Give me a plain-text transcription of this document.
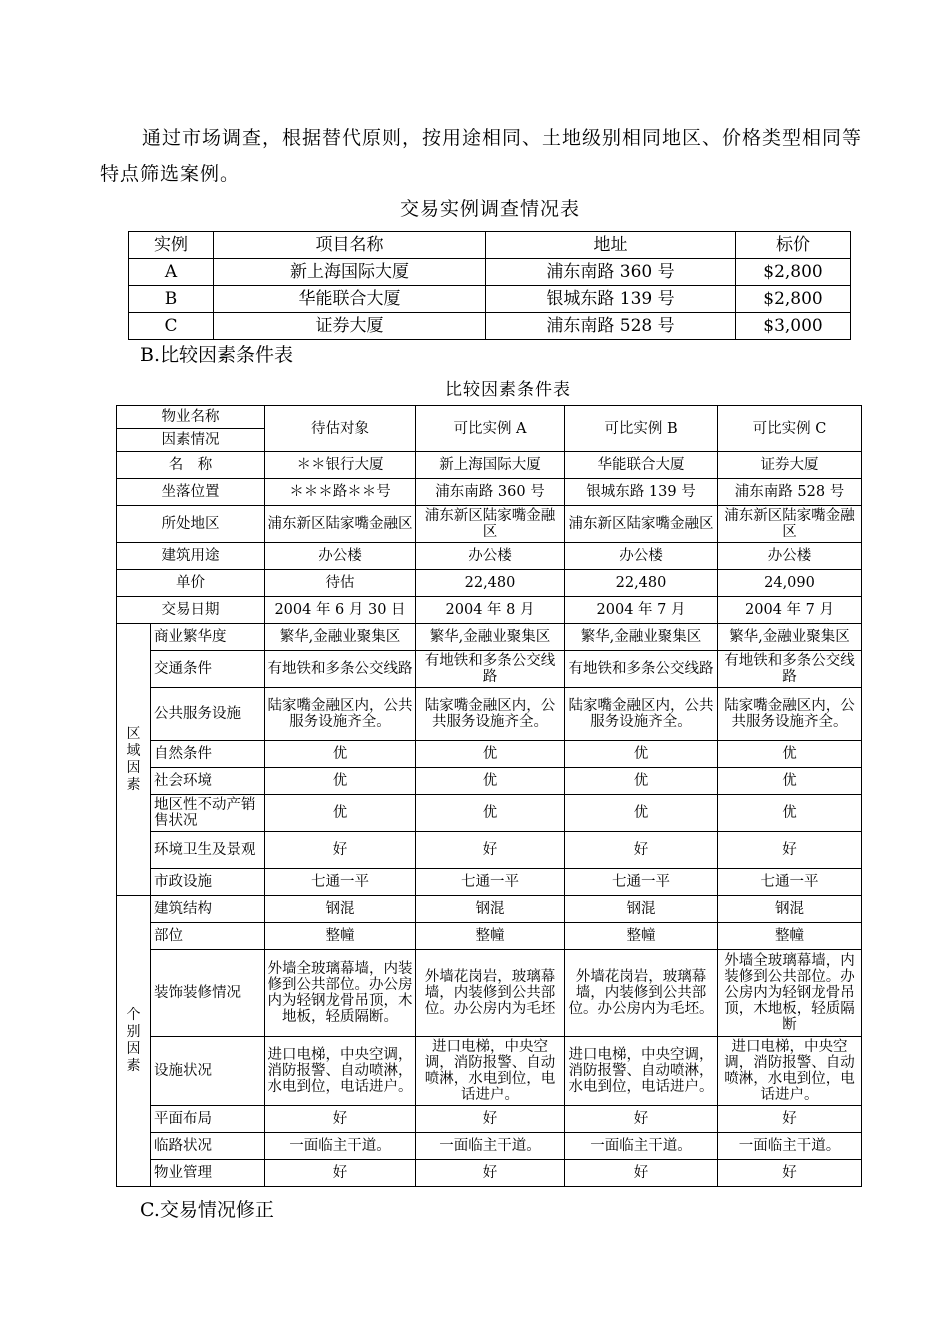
通过市场调查，根据替代原则，按用途相同、土地级别相同地区、价格类型相同等特点筛选案例。

交易实例调查情况表
实例	项目名称	地址	标价
A	新上海国际大厦	浦东南路 360 号	$2,800
B	华能联合大厦	银城东路 139 号	$2,800
C	证券大厦	浦东南路 528 号	$3,000
B.比较因素条件表
比较因素条件表
物业名称		待估对象	可比实例 A	可比实例 B	可比实例 C
因素情况					
名　称		＊＊银行大厦	新上海国际大厦	华能联合大厦	证券大厦
坐落位置		＊＊＊路＊＊号	浦东南路 360 号	银城东路 139 号	浦东南路 528 号
所处地区		浦东新区陆家嘴金融区	浦东新区陆家嘴金融区	浦东新区陆家嘴金融区	浦东新区陆家嘴金融区
建筑用途		办公楼	办公楼	办公楼	办公楼
单价		待估	22,480	22,480	24,090
交易日期		2004 年 6 月 30 日	2004 年 8 月	2004 年 7 月	2004 年 7 月
区域因素	商业繁华度	繁华,金融业聚集区	繁华,金融业聚集区	繁华,金融业聚集区	繁华,金融业聚集区
	交通条件	有地铁和多条公交线路	有地铁和多条公交线路	有地铁和多条公交线路	有地铁和多条公交线路
	公共服务设施	陆家嘴金融区内，公共服务设施齐全。	陆家嘴金融区内，公共服务设施齐全。	陆家嘴金融区内，公共服务设施齐全。	陆家嘴金融区内，公共服务设施齐全。
	自然条件	优	优	优	优
	社会环境	优	优	优	优
	地区性不动产销售状况	优	优	优	优
	环境卫生及景观	好	好	好	好
	市政设施	七通一平	七通一平	七通一平	七通一平
个别因素	建筑结构	钢混	钢混	钢混	钢混
	部位	整幢	整幢	整幢	整幢
	装饰装修情况	外墙全玻璃幕墙，内装修到公共部位。办公房内为轻钢龙骨吊顶，木地板，轻质隔断。	外墙花岗岩，玻璃幕墙，内装修到公共部位。办公房内为毛坯	外墙花岗岩，玻璃幕墙，内装修到公共部位。办公房内为毛坯。	外墙全玻璃幕墙，内装修到公共部位。办公房内为轻钢龙骨吊顶，木地板，轻质隔断
	设施状况	进口电梯，中央空调，消防报警、自动喷淋，水电到位，电话进户。	进口电梯，中央空调，消防报警、自动喷淋，水电到位，电话进户。	进口电梯，中央空调，消防报警、自动喷淋，水电到位，电话进户。	进口电梯，中央空调，消防报警、自动喷淋，水电到位，电话进户。
	平面布局	好	好	好	好
	临路状况	一面临主干道。	一面临主干道。	一面临主干道。	一面临主干道。
	物业管理	好	好	好	好
C.交易情况修正
